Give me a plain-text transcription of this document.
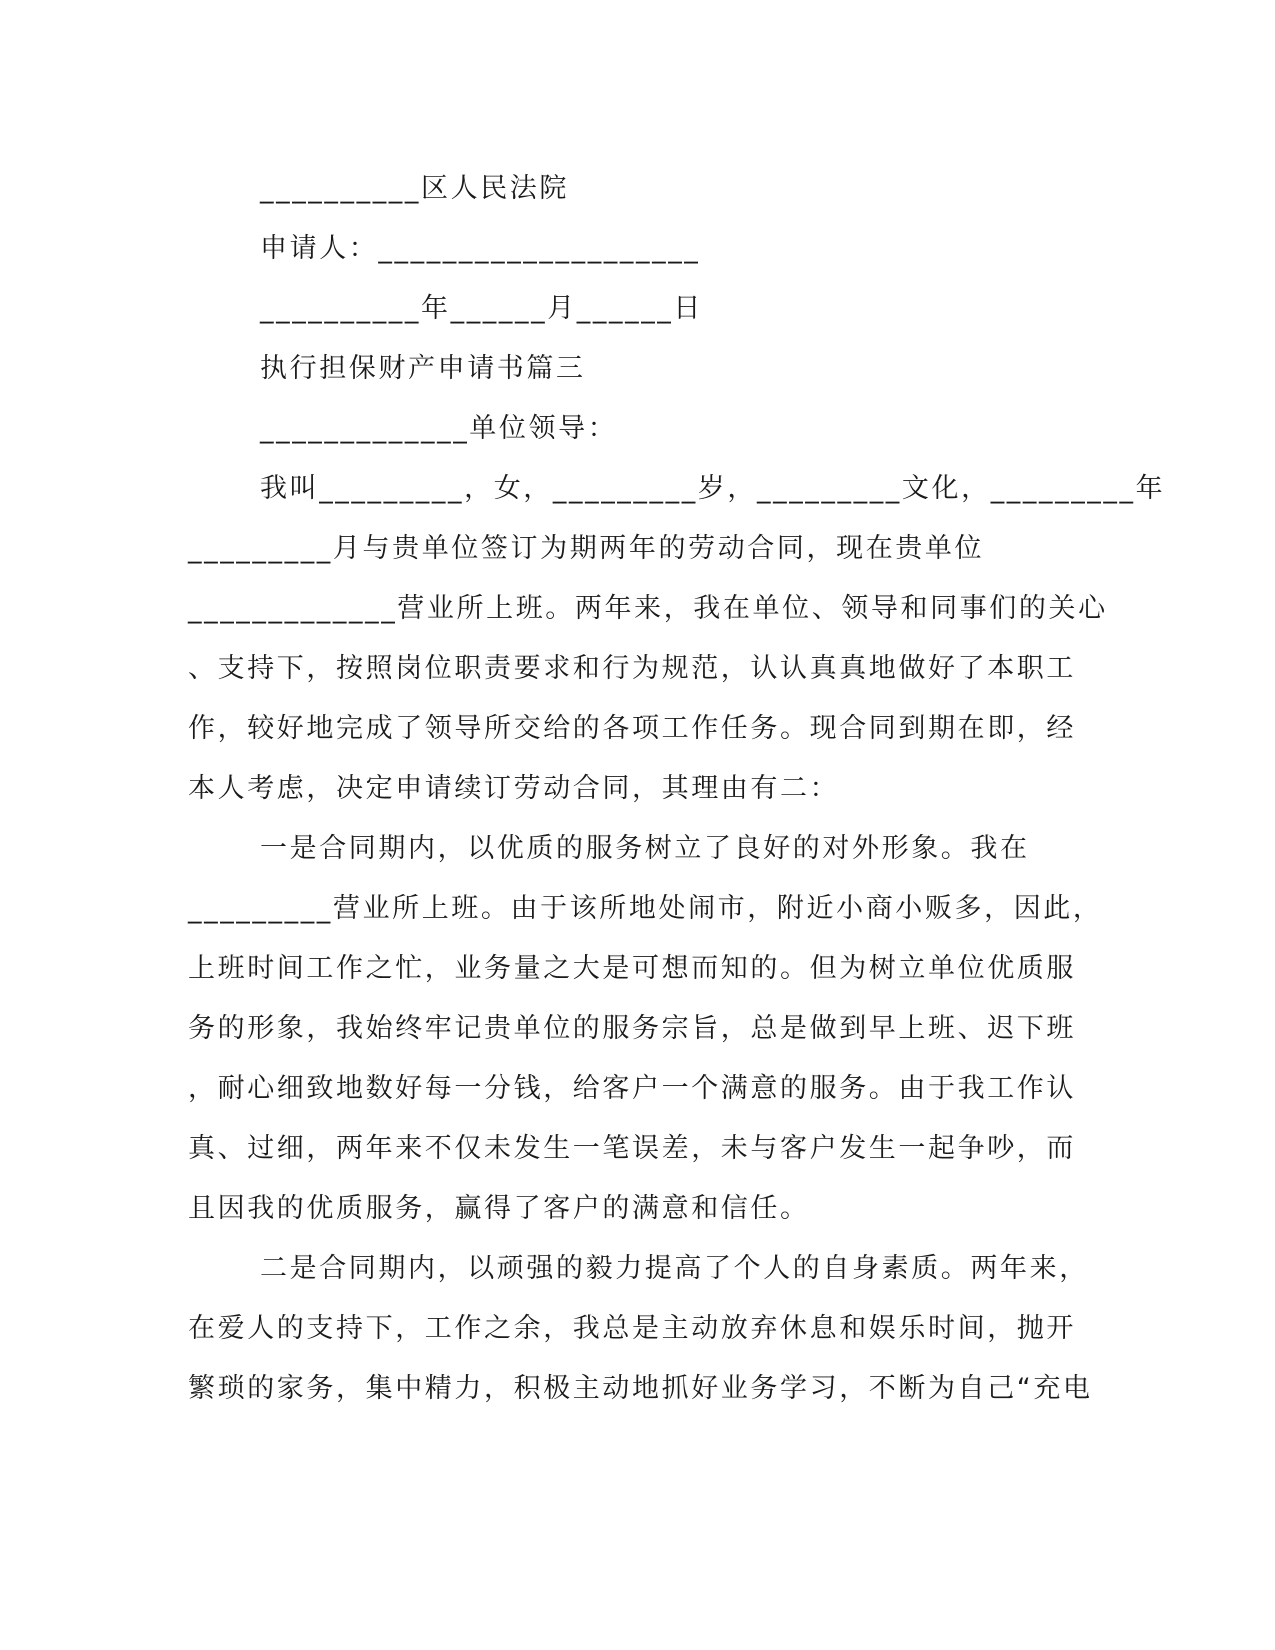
__________区人民法院
申请人：____________________
__________年______月______日
执行担保财产申请书篇三
_____________单位领导：
我叫_________，女，_________岁，_________文化，_________年
_________月与贵单位签订为期两年的劳动合同，现在贵单位
_____________营业所上班。两年来，我在单位、领导和同事们的关心
、支持下，按照岗位职责要求和行为规范，认认真真地做好了本职工
作，较好地完成了领导所交给的各项工作任务。现合同到期在即，经
本人考虑，决定申请续订劳动合同，其理由有二：
一是合同期内，以优质的服务树立了良好的对外形象。我在
_________营业所上班。由于该所地处闹市，附近小商小贩多，因此，
上班时间工作之忙，业务量之大是可想而知的。但为树立单位优质服
务的形象，我始终牢记贵单位的服务宗旨，总是做到早上班、迟下班
，耐心细致地数好每一分钱，给客户一个满意的服务。由于我工作认
真、过细，两年来不仅未发生一笔误差，未与客户发生一起争吵，而
且因我的优质服务，赢得了客户的满意和信任。
二是合同期内，以顽强的毅力提高了个人的自身素质。两年来，
在爱人的支持下，工作之余，我总是主动放弃休息和娱乐时间，抛开
繁琐的家务，集中精力，积极主动地抓好业务学习，不断为自己“充电
